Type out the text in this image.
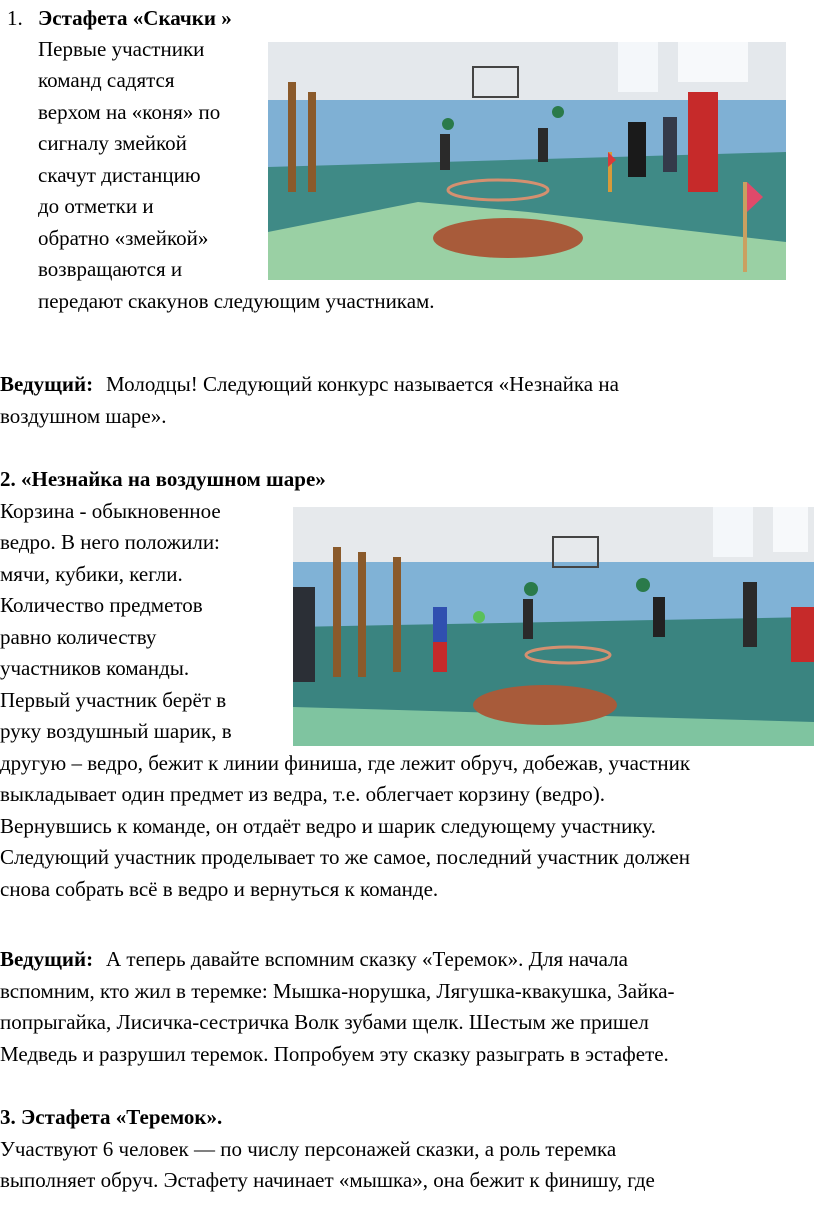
1. Эстафета «Скачки »
Первые участники
команд садятся
верхом на «коня» по
сигналу змейкой
скачут дистанцию
до отметки и
обратно «змейкой»
возвращаются и
передают скакунов следующим участникам.
Ведущий: Молодцы! Следующий конкурс называется «Незнайка на
воздушном шаре».
2. «Незнайка на воздушном шаре»
Корзина - обыкновенное
ведро. В него положили:
мячи, кубики, кегли.
Количество предметов
равно количеству
участников команды.
Первый участник берёт в
руку воздушный шарик, в
другую – ведро, бежит к линии финиша, где лежит обруч, добежав, участник
выкладывает один предмет из ведра, т.е. облегчает корзину (ведро).
Вернувшись к команде, он отдаёт ведро и шарик следующему участнику.
Следующий участник проделывает то же самое, последний участник должен
снова собрать всё в ведро и вернуться к команде.
Ведущий: А теперь давайте вспомним сказку «Теремок». Для начала
вспомним, кто жил в теремке: Мышка-норушка, Лягушка-квакушка, Зайка-
попрыгайка, Лисичка-сестричка Волк зубами щелк. Шестым же пришел
Медведь и разрушил теремок. Попробуем эту сказку разыграть в эстафете.
3. Эстафета «Теремок».
Участвуют 6 человек — по числу персонажей сказки, а роль теремка
выполняет обруч. Эстафету начинает «мышка», она бежит к финишу, где
